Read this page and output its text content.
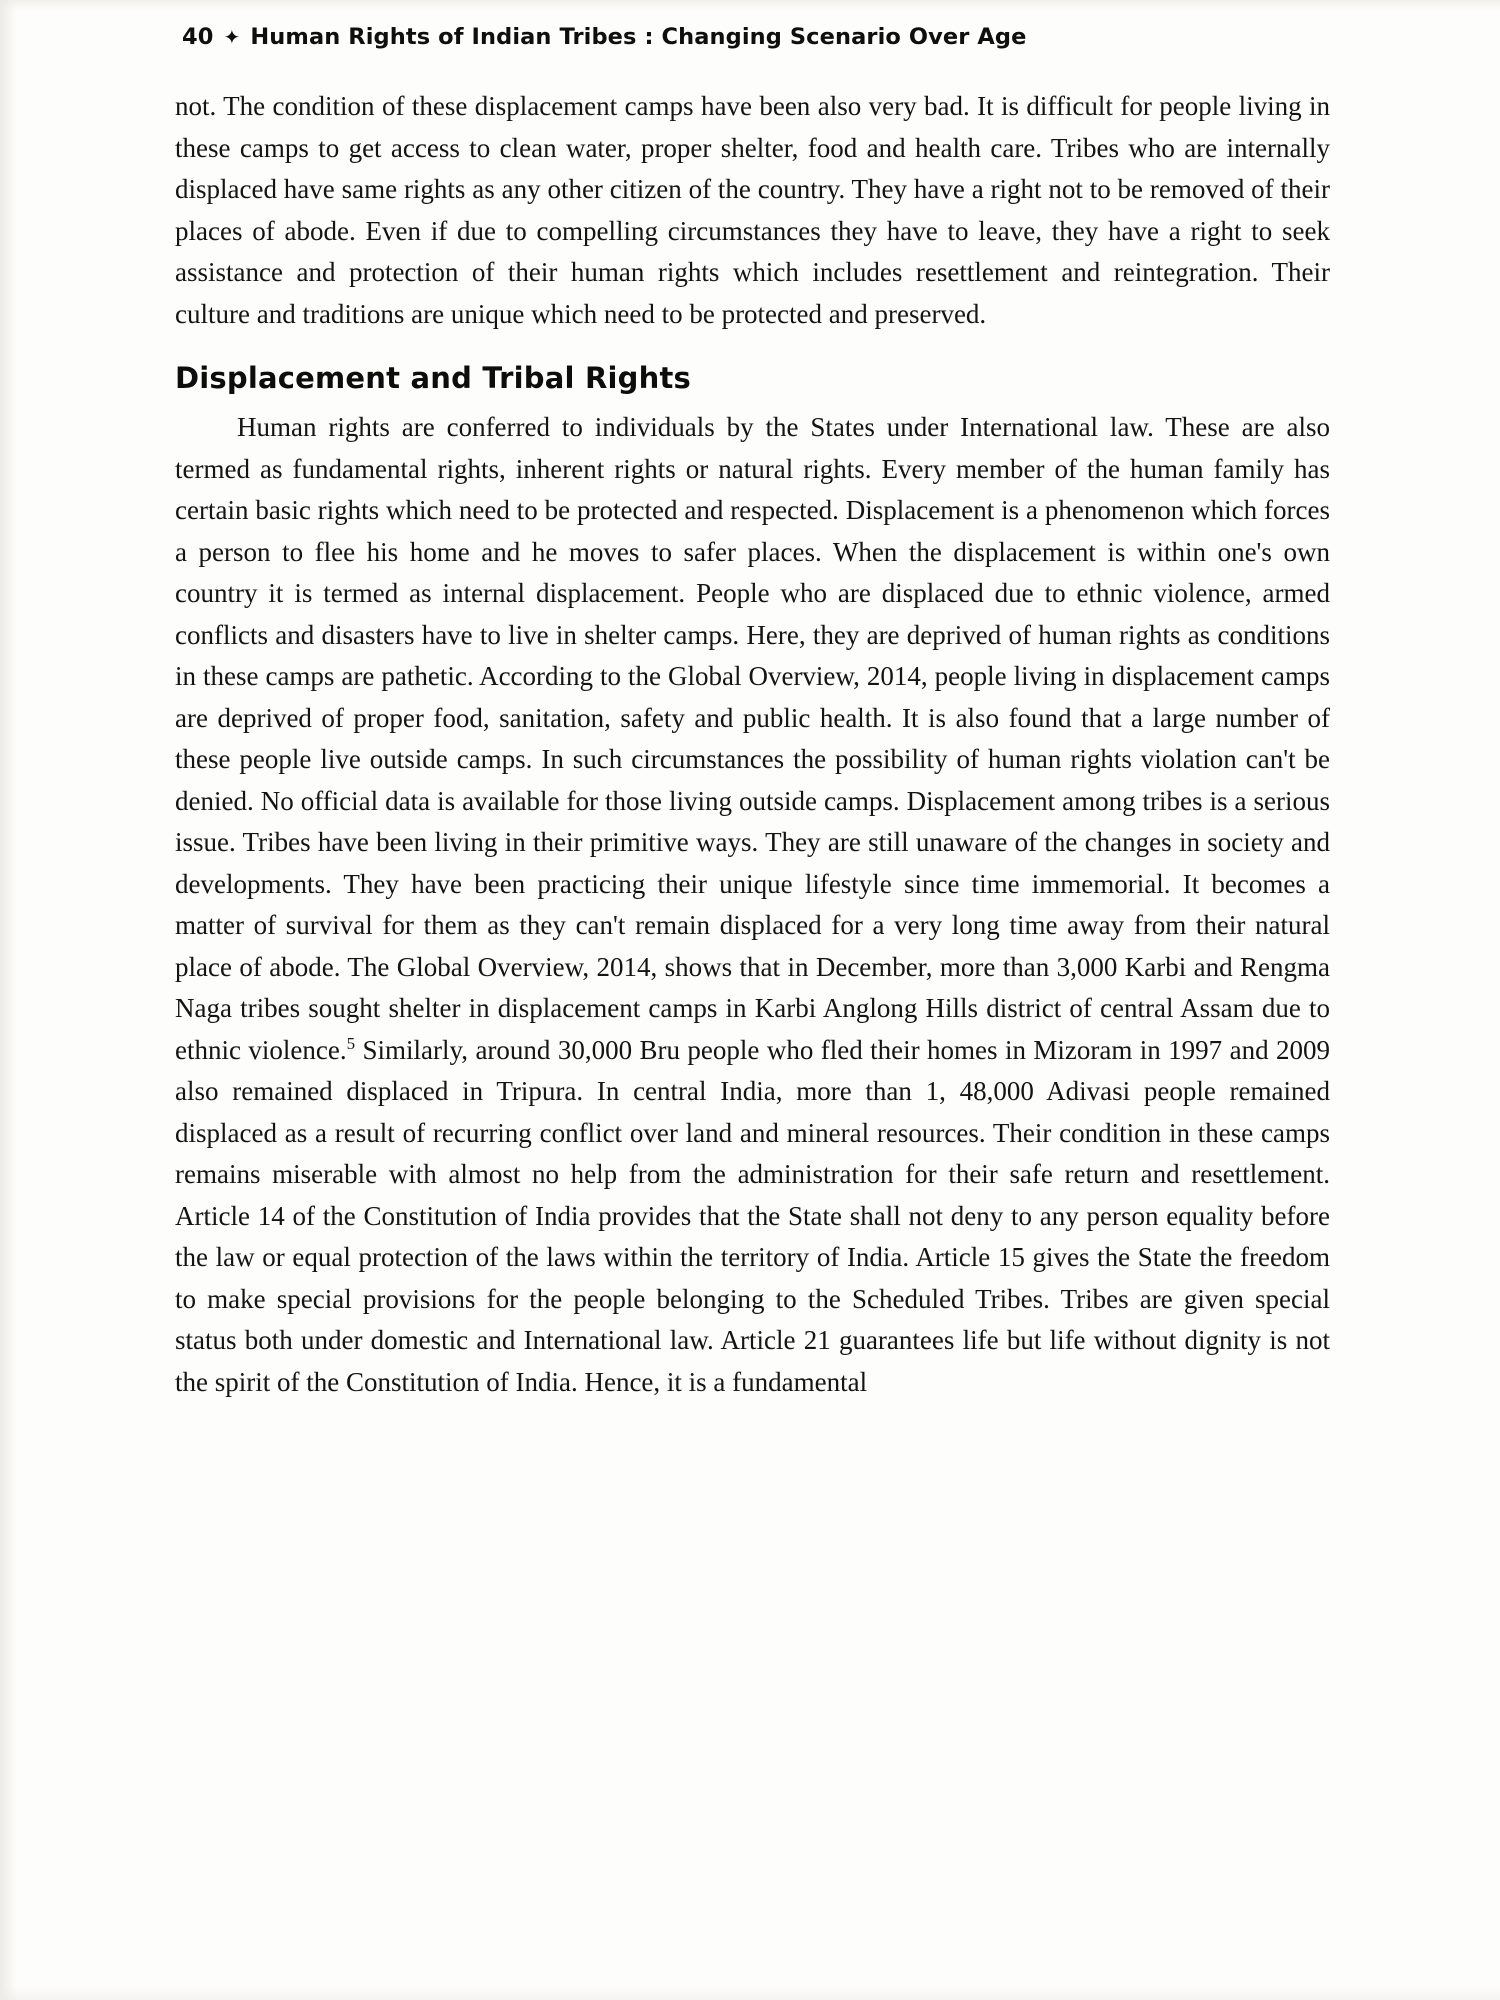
40 ✦ Human Rights of Indian Tribes : Changing Scenario Over Age

not. The condition of these displacement camps have been also very bad. It is difficult for people living in these camps to get access to clean water, proper shelter, food and health care. Tribes who are internally displaced have same rights as any other citizen of the country. They have a right not to be removed of their places of abode. Even if due to compelling circumstances they have to leave, they have a right to seek assistance and protection of their human rights which includes resettlement and reintegration. Their culture and traditions are unique which need to be protected and preserved.

Displacement and Tribal Rights

Human rights are conferred to individuals by the States under International law. These are also termed as fundamental rights, inherent rights or natural rights. Every member of the human family has certain basic rights which need to be protected and respected. Displacement is a phenomenon which forces a person to flee his home and he moves to safer places. When the displacement is within one's own country it is termed as internal displacement. People who are displaced due to ethnic violence, armed conflicts and disasters have to live in shelter camps. Here, they are deprived of human rights as conditions in these camps are pathetic. According to the Global Overview, 2014, people living in displacement camps are deprived of proper food, sanitation, safety and public health. It is also found that a large number of these people live outside camps. In such circumstances the possibility of human rights violation can't be denied. No official data is available for those living outside camps. Displacement among tribes is a serious issue. Tribes have been living in their primitive ways. They are still unaware of the changes in society and developments. They have been practicing their unique lifestyle since time immemorial. It becomes a matter of survival for them as they can't remain displaced for a very long time away from their natural place of abode. The Global Overview, 2014, shows that in December, more than 3,000 Karbi and Rengma Naga tribes sought shelter in displacement camps in Karbi Anglong Hills district of central Assam due to ethnic violence.$^5$ Similarly, around 30,000 Bru people who fled their homes in Mizoram in 1997 and 2009 also remained displaced in Tripura. In central India, more than 1, 48,000 Adivasi people remained displaced as a result of recurring conflict over land and mineral resources. Their condition in these camps remains miserable with almost no help from the administration for their safe return and resettlement. Article 14 of the Constitution of India provides that the State shall not deny to any person equality before the law or equal protection of the laws within the territory of India. Article 15 gives the State the freedom to make special provisions for the people belonging to the Scheduled Tribes. Tribes are given special status both under domestic and International law. Article 21 guarantees life but life without dignity is not the spirit of the Constitution of India. Hence, it is a fundamental
